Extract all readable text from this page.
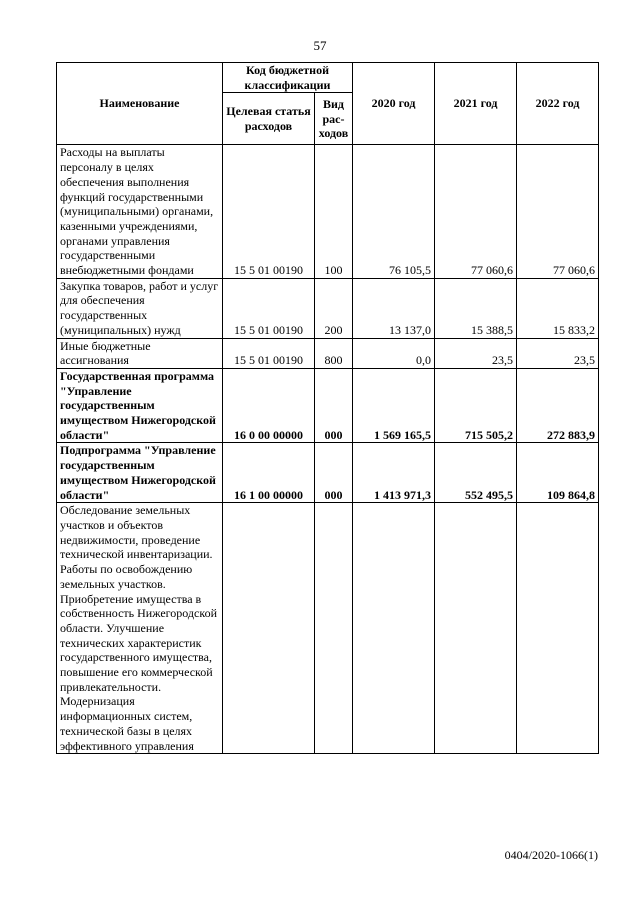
57
Наименование	Код бюджетной классификации		2020 год	2021 год	2022 год
	Целевая статья расходов	Вид рас-ходов			
Расходы на выплаты персоналу в целях обеспечения выполнения функций государственными (муниципальными) органами, казенными учреждениями, органами управления государственными внебюджетными фондами	15 5 01 00190	100	76 105,5	77 060,6	77 060,6
Закупка товаров, работ и услуг для обеспечения государственных (муниципальных) нужд	15 5 01 00190	200	13 137,0	15 388,5	15 833,2
Иные бюджетные ассигнования	15 5 01 00190	800	0,0	23,5	23,5
Государственная программа "Управление государственным имуществом Нижегородской области"	16 0 00 00000	000	1 569 165,5	715 505,2	272 883,9
Подпрограмма "Управление государственным имуществом Нижегородской области"	16 1 00 00000	000	1 413 971,3	552 495,5	109 864,8
Обследование земельных участков и объектов недвижимости, проведение технической инвентаризации. Работы по освобождению земельных участков. Приобретение имущества в собственность Нижегородской области. Улучшение технических характеристик государственного имущества, повышение его коммерческой привлекательности. Модернизация информационных систем, технической базы в целях эффективного управления					
0404/2020-1066(1)
